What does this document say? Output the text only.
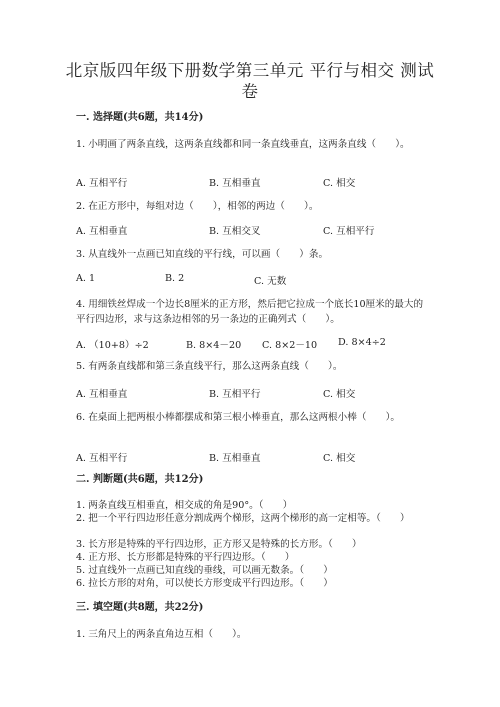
北京版四年级下册数学第三单元 平行与相交 测试卷
一. 选择题(共6题，共14分)
1. 小明画了两条直线，这两条直线都和同一条直线垂直，这两条直线（　　）。
A. 互相平行	B. 互相垂直	C. 相交
2. 在正方形中，每组对边（　　），相邻的两边（　　）。
A. 互相垂直	B. 互相交叉	C. 互相平行
3. 从直线外一点画已知直线的平行线，可以画（　　）条。
A. 1	B. 2	C. 无数
4. 用细铁丝焊成一个边长8厘米的正方形，然后把它拉成一个底长10厘米的最大的平行四边形，求与这条边相邻的另一条边的正确列式（　　）。
A. （10+8）÷2	B. 8×4－20 C. 8×2－10 D. 8×4÷2
5. 有两条直线都和第三条直线平行，那么这两条直线（　　）。
A. 互相垂直	B. 互相平行	C. 相交
6. 在桌面上把两根小棒都摆成和第三根小棒垂直，那么这两根小棒（　　）。
A. 互相平行	B. 互相垂直	C. 相交
二. 判断题(共6题，共12分)
1. 两条直线互相垂直，相交成的角是90°。（　　）
2. 把一个平行四边形任意分割成两个梯形，这两个梯形的高一定相等。（　　）
3. 长方形是特殊的平行四边形，正方形又是特殊的长方形。（　　）
4. 正方形、长方形都是特殊的平行四边形。（　　）
5. 过直线外一点画已知直线的垂线，可以画无数条。（　　）
6. 拉长方形的对角，可以使长方形变成平行四边形。（　　）
三. 填空题(共8题，共22分)
1. 三角尺上的两条直角边互相（　　）。
